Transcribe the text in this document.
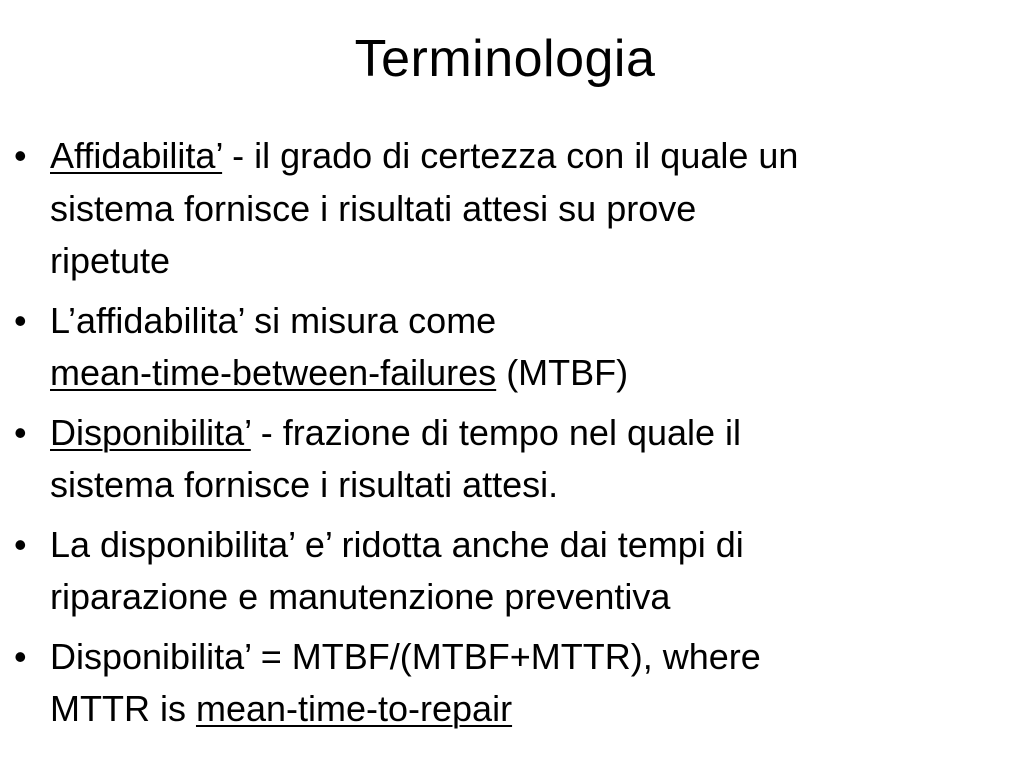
Terminologia
• Affidabilita’ - il grado di certezza con il quale un
sistema fornisce i risultati attesi su prove
ripetute
• L’affidabilita’ si misura come
mean-time-between-failures (MTBF)
• Disponibilita’ - frazione di tempo nel quale il
sistema fornisce i risultati attesi.
• La disponibilita’ e’ ridotta anche dai tempi di
riparazione e manutenzione preventiva
• Disponibilita’ = MTBF/(MTBF+MTTR), where
MTTR is mean-time-to-repair
